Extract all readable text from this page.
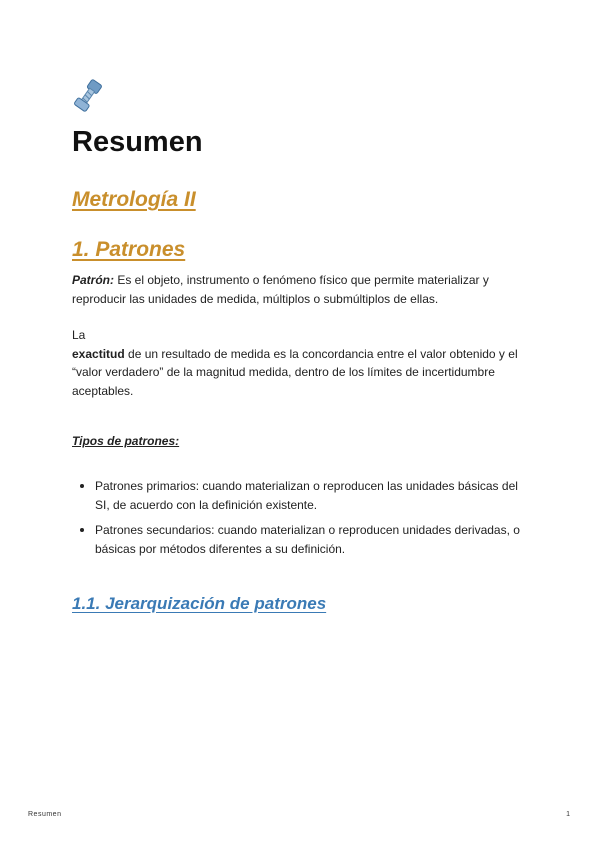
Resumen
Metrología II
1. Patrones

Patrón: Es el objeto, instrumento o fenómeno físico que permite materializar y reproducir las unidades de medida, múltiplos o submúltiplos de ellas.

La
exactitud de un resultado de medida es la concordancia entre el valor obtenido y el “valor verdadero” de la magnitud medida, dentro de los límites de incertidumbre aceptables.

Tipos de patrones:

Patrones primarios: cuando materializan o reproducen las unidades básicas del SI, de acuerdo con la definición existente.
Patrones secundarios: cuando materializan o reproducen unidades derivadas, o básicas por métodos diferentes a su definición.
1.1. Jerarquización de patrones
Resumen	1
